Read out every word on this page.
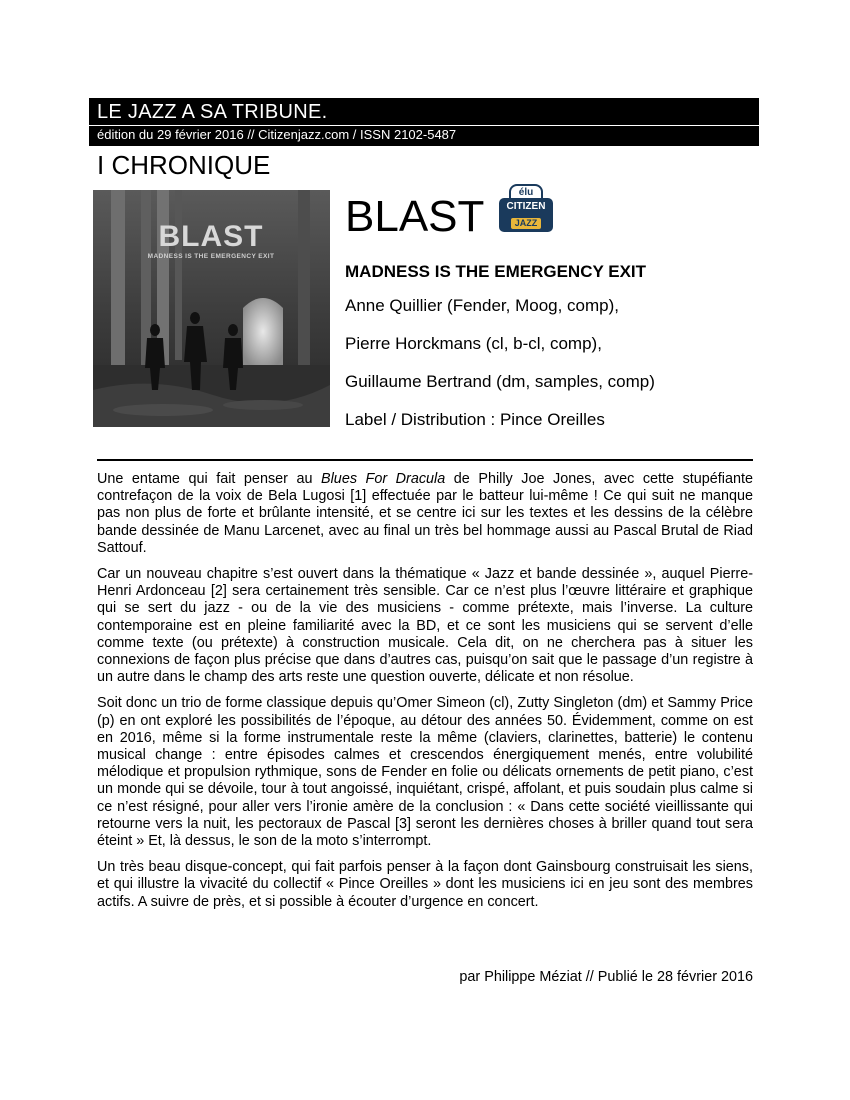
LE JAZZ A SA TRIBUNE.
édition du 29 février 2016 // Citizenjazz.com / ISSN 2102-5487
I CHRONIQUE
BLAST
MADNESS IS THE EMERGENCY EXIT
BLAST	élu
CITIZEN
JAZZ
MADNESS IS THE EMERGENCY EXIT
Anne Quillier (Fender, Moog, comp),
Pierre Horckmans (cl, b-cl, comp),
Guillaume Bertrand (dm, samples, comp)
Label / Distribution : Pince Oreilles

Une entame qui fait penser au Blues For Dracula de Philly Joe Jones, avec cette stupéfiante contrefaçon de la voix de Bela Lugosi [1] effectuée par le batteur lui-même ! Ce qui suit ne manque pas non plus de forte et brûlante intensité, et se centre ici sur les textes et les dessins de la célèbre bande dessinée de Manu Larcenet, avec au final un très bel hommage aussi au Pascal Brutal de Riad Sattouf.

Car un nouveau chapitre s’est ouvert dans la thématique « Jazz et bande dessinée », auquel Pierre-Henri Ardonceau [2] sera certainement très sensible. Car ce n’est plus l’œuvre littéraire et graphique qui se sert du jazz - ou de la vie des musiciens - comme prétexte, mais l’inverse. La culture contemporaine est en pleine familiarité avec la BD, et ce sont les musiciens qui se servent d’elle comme texte (ou prétexte) à construction musicale. Cela dit, on ne cherchera pas à situer les connexions de façon plus précise que dans d’autres cas, puisqu’on sait que le passage d’un registre à un autre dans le champ des arts reste une question ouverte, délicate et non résolue.

Soit donc un trio de forme classique depuis qu’Omer Simeon (cl), Zutty Singleton (dm) et Sammy Price (p) en ont exploré les possibilités de l’époque, au détour des années 50. Évidemment, comme on est en 2016, même si la forme instrumentale reste la même (claviers, clarinettes, batterie) le contenu musical change : entre épisodes calmes et crescendos énergiquement menés, entre volubilité mélodique et propulsion rythmique, sons de Fender en folie ou délicats ornements de petit piano, c’est un monde qui se dévoile, tour à tout angoissé, inquiétant, crispé, affolant, et puis soudain plus calme si ce n’est résigné, pour aller vers l’ironie amère de la conclusion : « Dans cette société vieillissante qui retourne vers la nuit, les pectoraux de Pascal [3] seront les dernières choses à briller quand tout sera éteint » Et, là dessus, le son de la moto s’interrompt.

Un très beau disque-concept, qui fait parfois penser à la façon dont Gainsbourg construisait les siens, et qui illustre la vivacité du collectif « Pince Oreilles » dont les musiciens ici en jeu sont des membres actifs. A suivre de près, et si possible à écouter d’urgence en concert.

par Philippe Méziat // Publié le 28 février 2016
